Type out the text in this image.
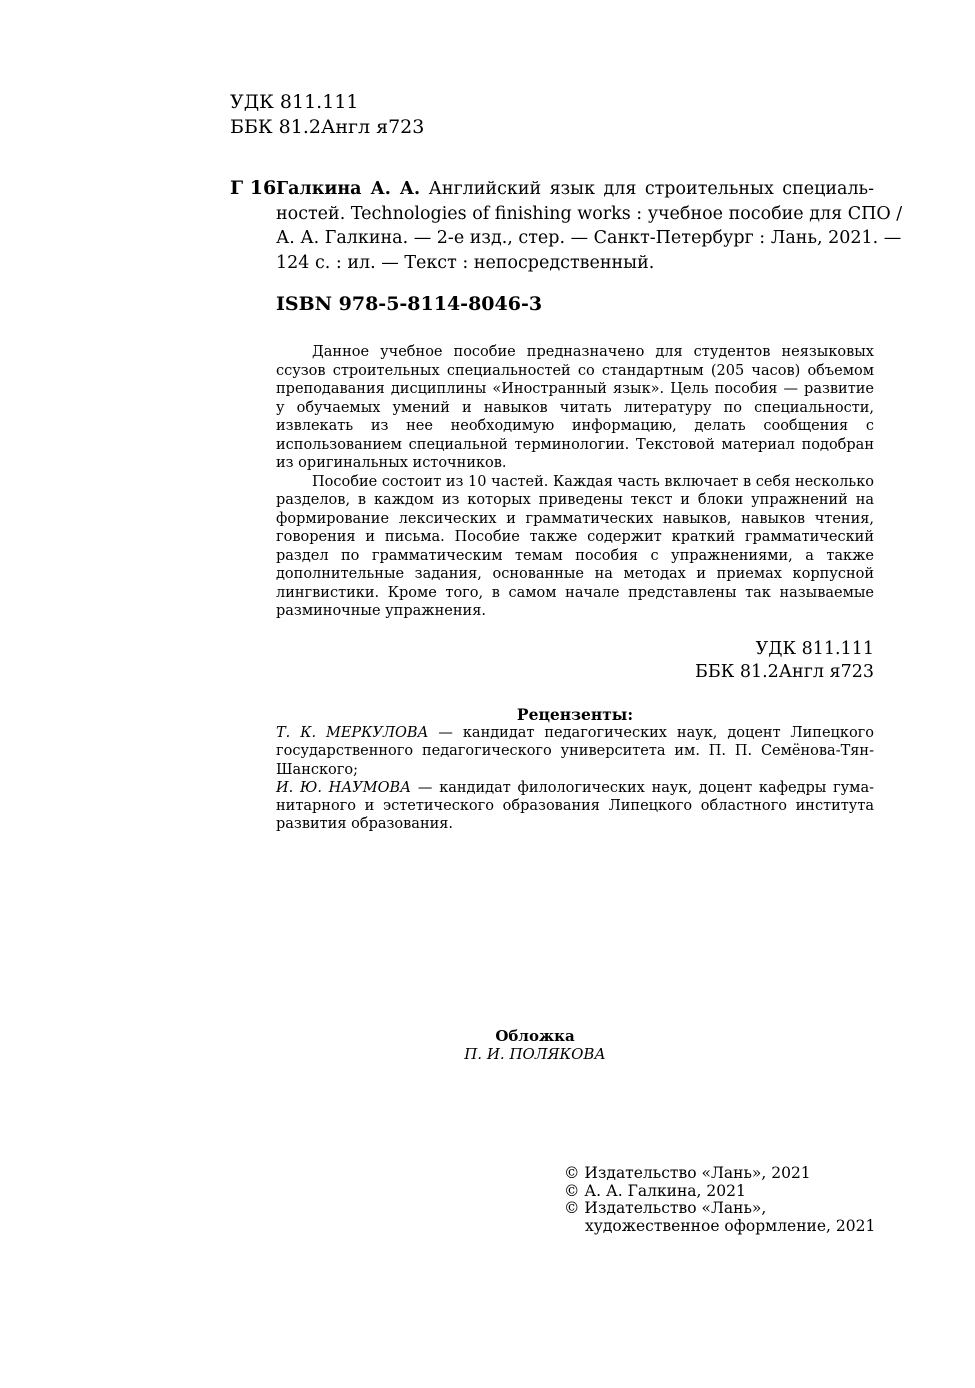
УДК 811.111
ББК 81.2Англ я723
Г 16 Галкина А. А. Английский язык для строительных специаль-
ностей. Technologies of finishing works : учебное пособие для СПО /
А. А. Галкина. — 2-е изд., стер. — Санкт-Петербург : Лань, 2021. —
124 с. : ил. — Текст : непосредственный.
ISBN 978-5-8114-8046-3
Данное учебное пособие предназначено для студентов неязыковых
ссузов строительных специальностей со стандартным (205 часов) объемом
преподавания дисциплины «Иностранный язык». Цель пособия — развитие
у обучаемых умений и навыков читать литературу по специальности,
извлекать из нее необходимую информацию, делать сообщения с
использованием специальной терминологии. Текстовой материал подобран
из оригинальных источников.
Пособие состоит из 10 частей. Каждая часть включает в себя несколько
разделов, в каждом из которых приведены текст и блоки упражнений на
формирование лексических и грамматических навыков, навыков чтения,
говорения и письма. Пособие также содержит краткий грамматический
раздел по грамматическим темам пособия с упражнениями, а также
дополнительные задания, основанные на методах и приемах корпусной
лингвистики. Кроме того, в самом начале представлены так называемые
разминочные упражнения.
УДК 811.111
ББК 81.2Англ я723
Рецензенты:
Т. К. МЕРКУЛОВА — кандидат педагогических наук, доцент Липецкого
государственного педагогического университета им. П. П. Семёнова-Тян-
Шанского;
И. Ю. НАУМОВА — кандидат филологических наук, доцент кафедры гума-
нитарного и эстетического образования Липецкого областного института
развития образования.
Обложка
П. И. ПОЛЯКОВА
© Издательство «Лань», 2021
© А. А. Галкина, 2021
© Издательство «Лань»,
художественное оформление, 2021
